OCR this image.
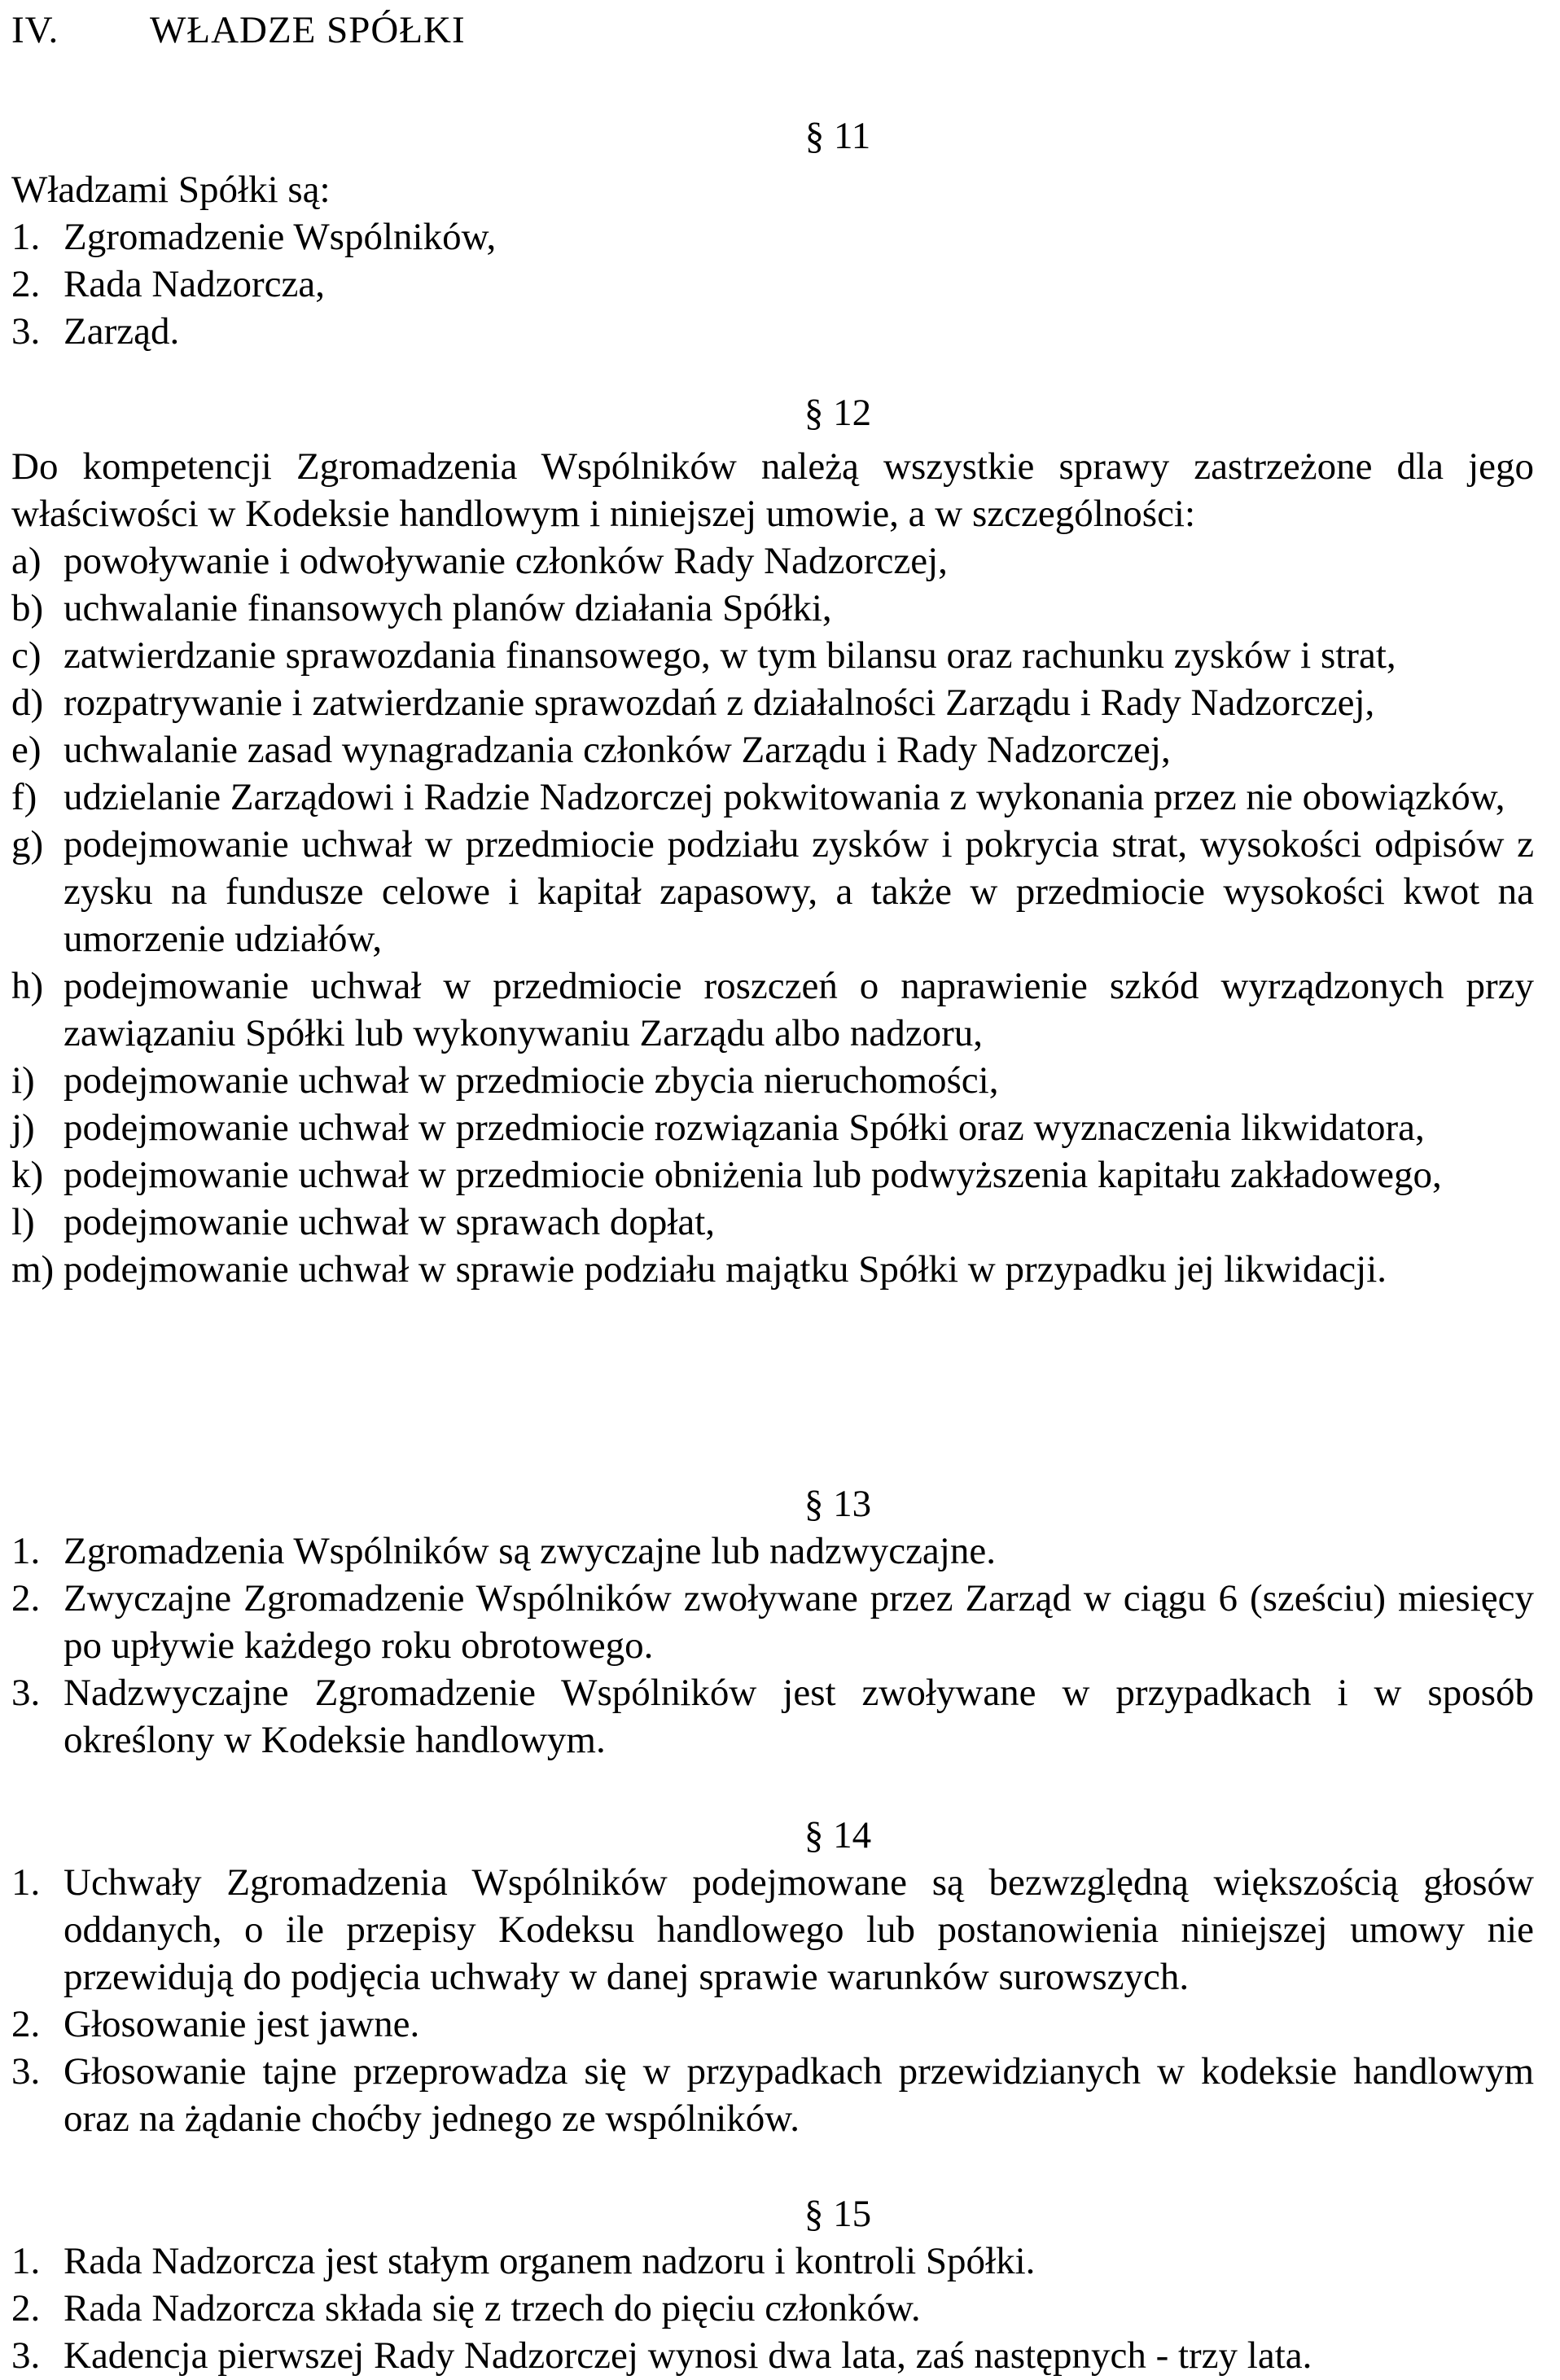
IV. WŁADZE SPÓŁKI
§ 11
Władzami Spółki są:
1. Zgromadzenie Wspólników,
2. Rada Nadzorcza,
3. Zarząd.
§ 12
Do kompetencji Zgromadzenia Wspólników należą wszystkie sprawy zastrzeżone dla jego właściwości w Kodeksie handlowym i niniejszej umowie, a w szczególności:
a) powoływanie i odwoływanie członków Rady Nadzorczej,
b) uchwalanie finansowych planów działania Spółki,
c) zatwierdzanie sprawozdania finansowego, w tym bilansu oraz rachunku zysków i strat,
d) rozpatrywanie i zatwierdzanie sprawozdań z działalności Zarządu i Rady Nadzorczej,
e) uchwalanie zasad wynagradzania członków Zarządu i Rady Nadzorczej,
f) udzielanie Zarządowi i Radzie Nadzorczej pokwitowania z wykonania przez nie obowiązków,
g) podejmowanie uchwał w przedmiocie podziału zysków i pokrycia strat, wysokości odpisów z zysku na fundusze celowe i kapitał zapasowy, a także w przedmiocie wysokości kwot na umorzenie udziałów,
h) podejmowanie uchwał w przedmiocie roszczeń o naprawienie szkód wyrządzonych przy zawiązaniu Spółki lub wykonywaniu Zarządu albo nadzoru,
i) podejmowanie uchwał w przedmiocie zbycia nieruchomości,
j) podejmowanie uchwał w przedmiocie rozwiązania Spółki oraz wyznaczenia likwidatora,
k) podejmowanie uchwał w przedmiocie obniżenia lub podwyższenia kapitału zakładowego,
l) podejmowanie uchwał w sprawach dopłat,
m) podejmowanie uchwał w sprawie podziału majątku Spółki w przypadku jej likwidacji.
§ 13
1. Zgromadzenia Wspólników są zwyczajne lub nadzwyczajne.
2. Zwyczajne Zgromadzenie Wspólników zwoływane przez Zarząd w ciągu 6 (sześciu) miesięcy po upływie każdego roku obrotowego.
3. Nadzwyczajne Zgromadzenie Wspólników jest zwoływane w przypadkach i w sposób określony w Kodeksie handlowym.
§ 14
1. Uchwały Zgromadzenia Wspólników podejmowane są bezwzględną większością głosów oddanych, o ile przepisy Kodeksu handlowego lub postanowienia niniejszej umowy nie przewidują do podjęcia uchwały w danej sprawie warunków surowszych.
2. Głosowanie jest jawne.
3. Głosowanie tajne przeprowadza się w przypadkach przewidzianych w kodeksie handlowym oraz na żądanie choćby jednego ze wspólników.
§ 15
1. Rada Nadzorcza jest stałym organem nadzoru i kontroli Spółki.
2. Rada Nadzorcza składa się z trzech do pięciu członków.
3. Kadencja pierwszej Rady Nadzorczej wynosi dwa lata, zaś następnych - trzy lata.
